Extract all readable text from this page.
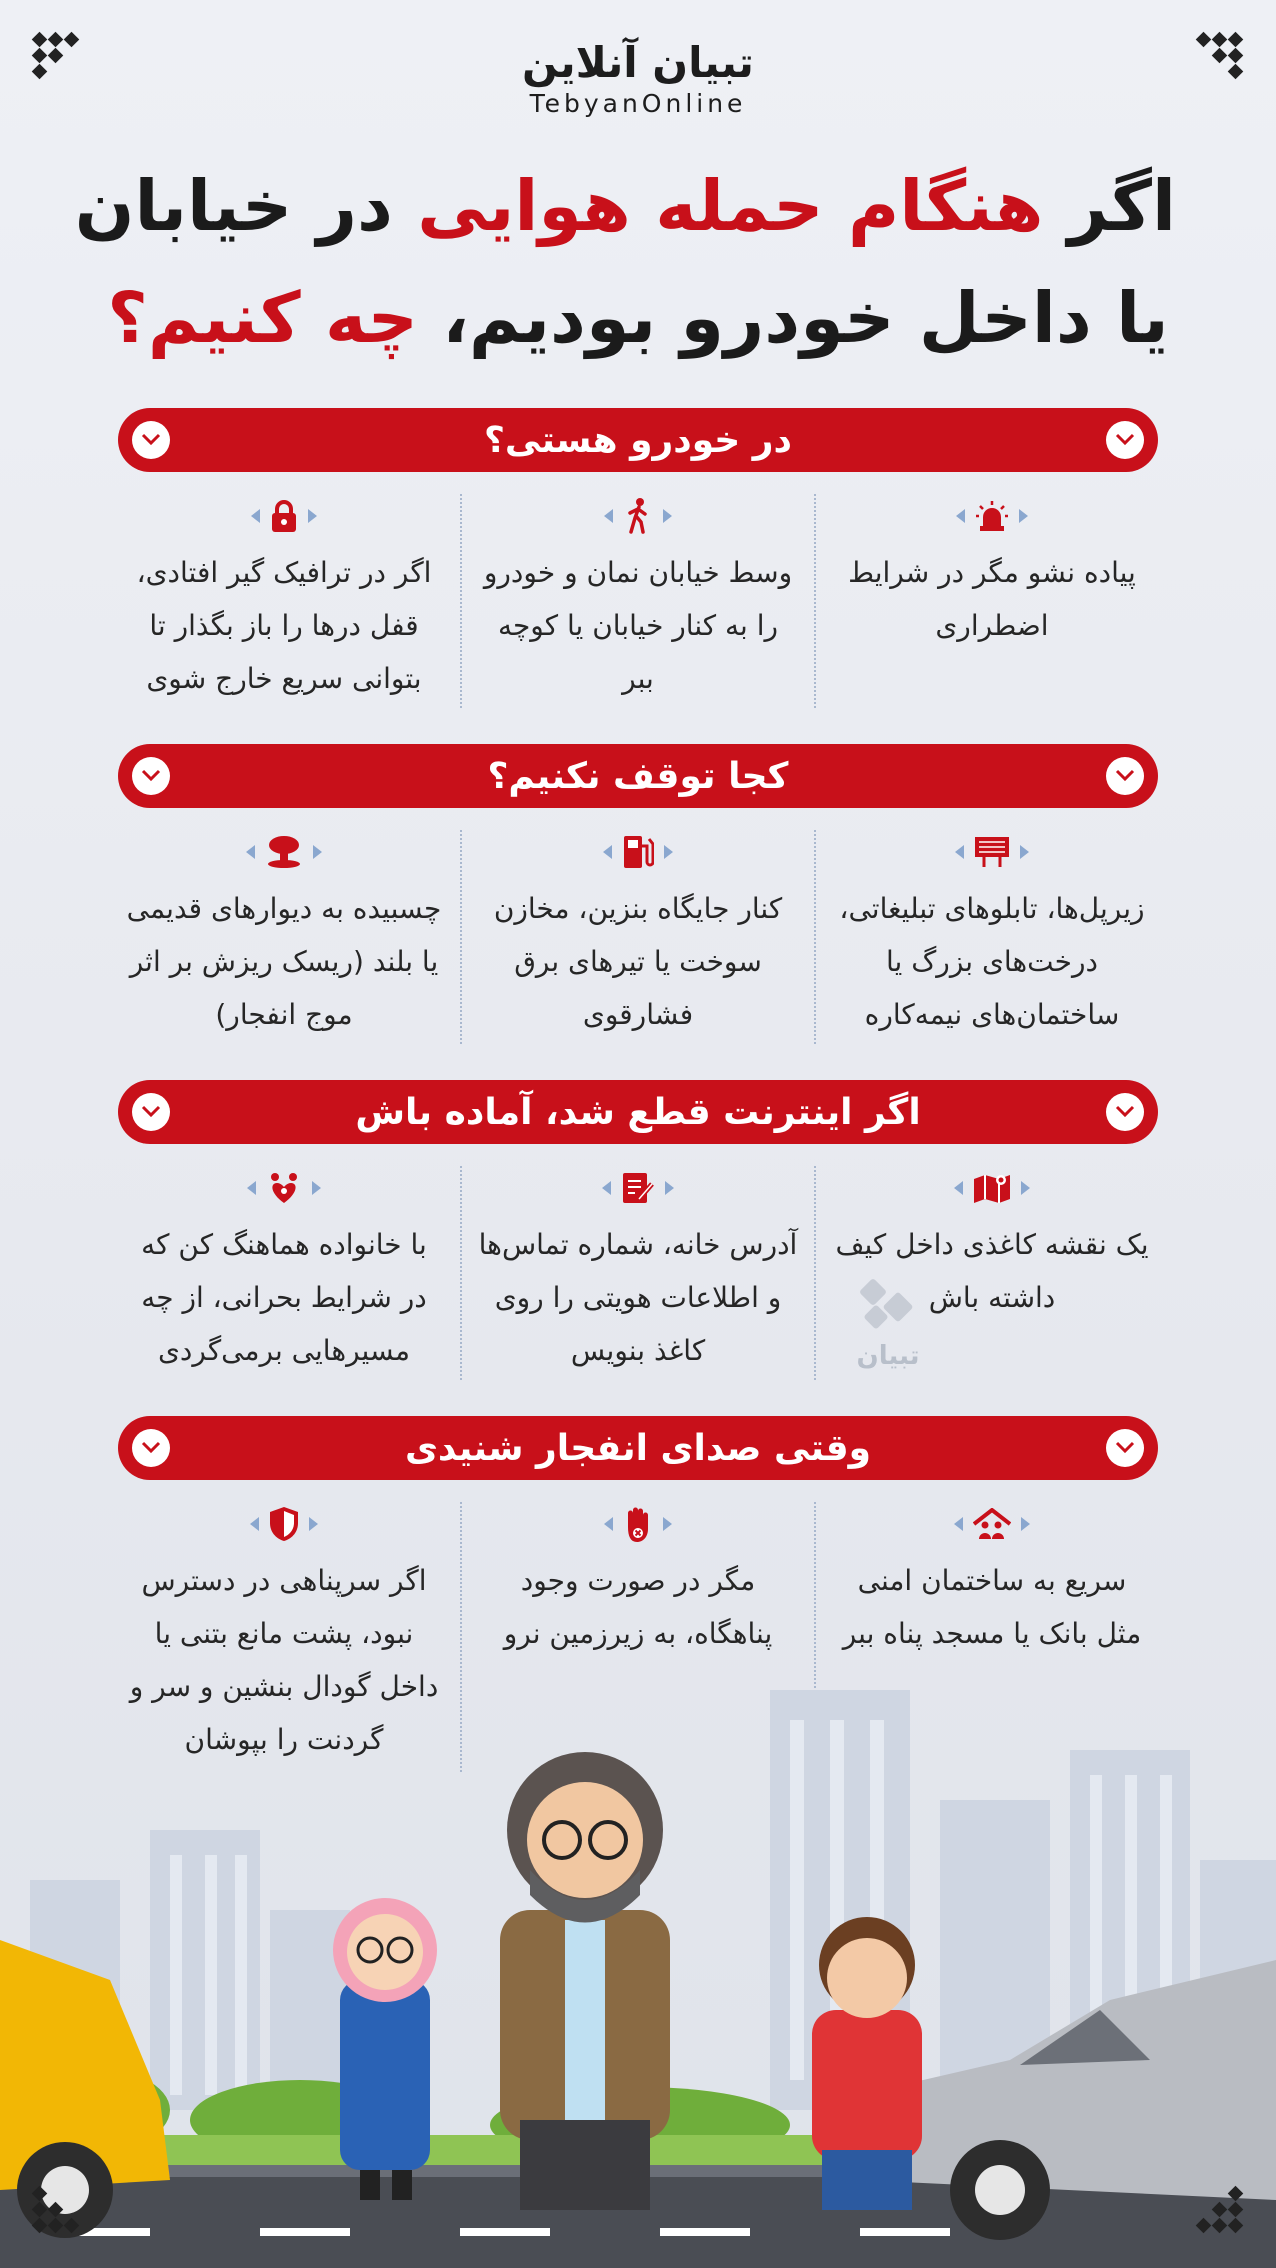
تبیان آنلاین
TebyanOnline
اگر هنگام حمله هوایی در خیابان
یا داخل خودرو بودیم، چه کنیم؟
در خودرو هستی؟
پیاده نشو مگر در شرایط اضطراری
وسط خیابان نمان و خودرو را به کنار خیابان یا کوچه ببر
اگر در ترافیک گیر افتادی، قفل درها را باز بگذار تا بتوانی سریع خارج شوی
کجا توقف نکنیم؟
زیرپل‌ها، تابلوهای تبلیغاتی، درخت‌های بزرگ یا ساختمان‌های نیمه‌کاره
کنار جایگاه بنزین، مخازن سوخت یا تیرهای برق فشارقوی
چسبیده به دیوارهای قدیمی یا بلند (ریسک ریزش بر اثر موج انفجار)
اگر اینترنت قطع شد، آماده باش
یک نقشه کاغذی داخل کیف داشته باش
آدرس خانه، شماره تماس‌ها و اطلاعات هویتی را روی کاغذ بنویس
با خانواده هماهنگ کن که در شرایط بحرانی، از چه مسیرهایی برمی‌گردی	تبیان
وقتی صدای انفجار شنیدی
سریع به ساختمان امنی مثل بانک یا مسجد پناه ببر
مگر در صورت وجود پناهگاه، به زیرزمین نرو
اگر سرپناهی در دسترس نبود، پشت مانع بتنی یا داخل گودال بنشین و سر و گردنت را بپوشان
